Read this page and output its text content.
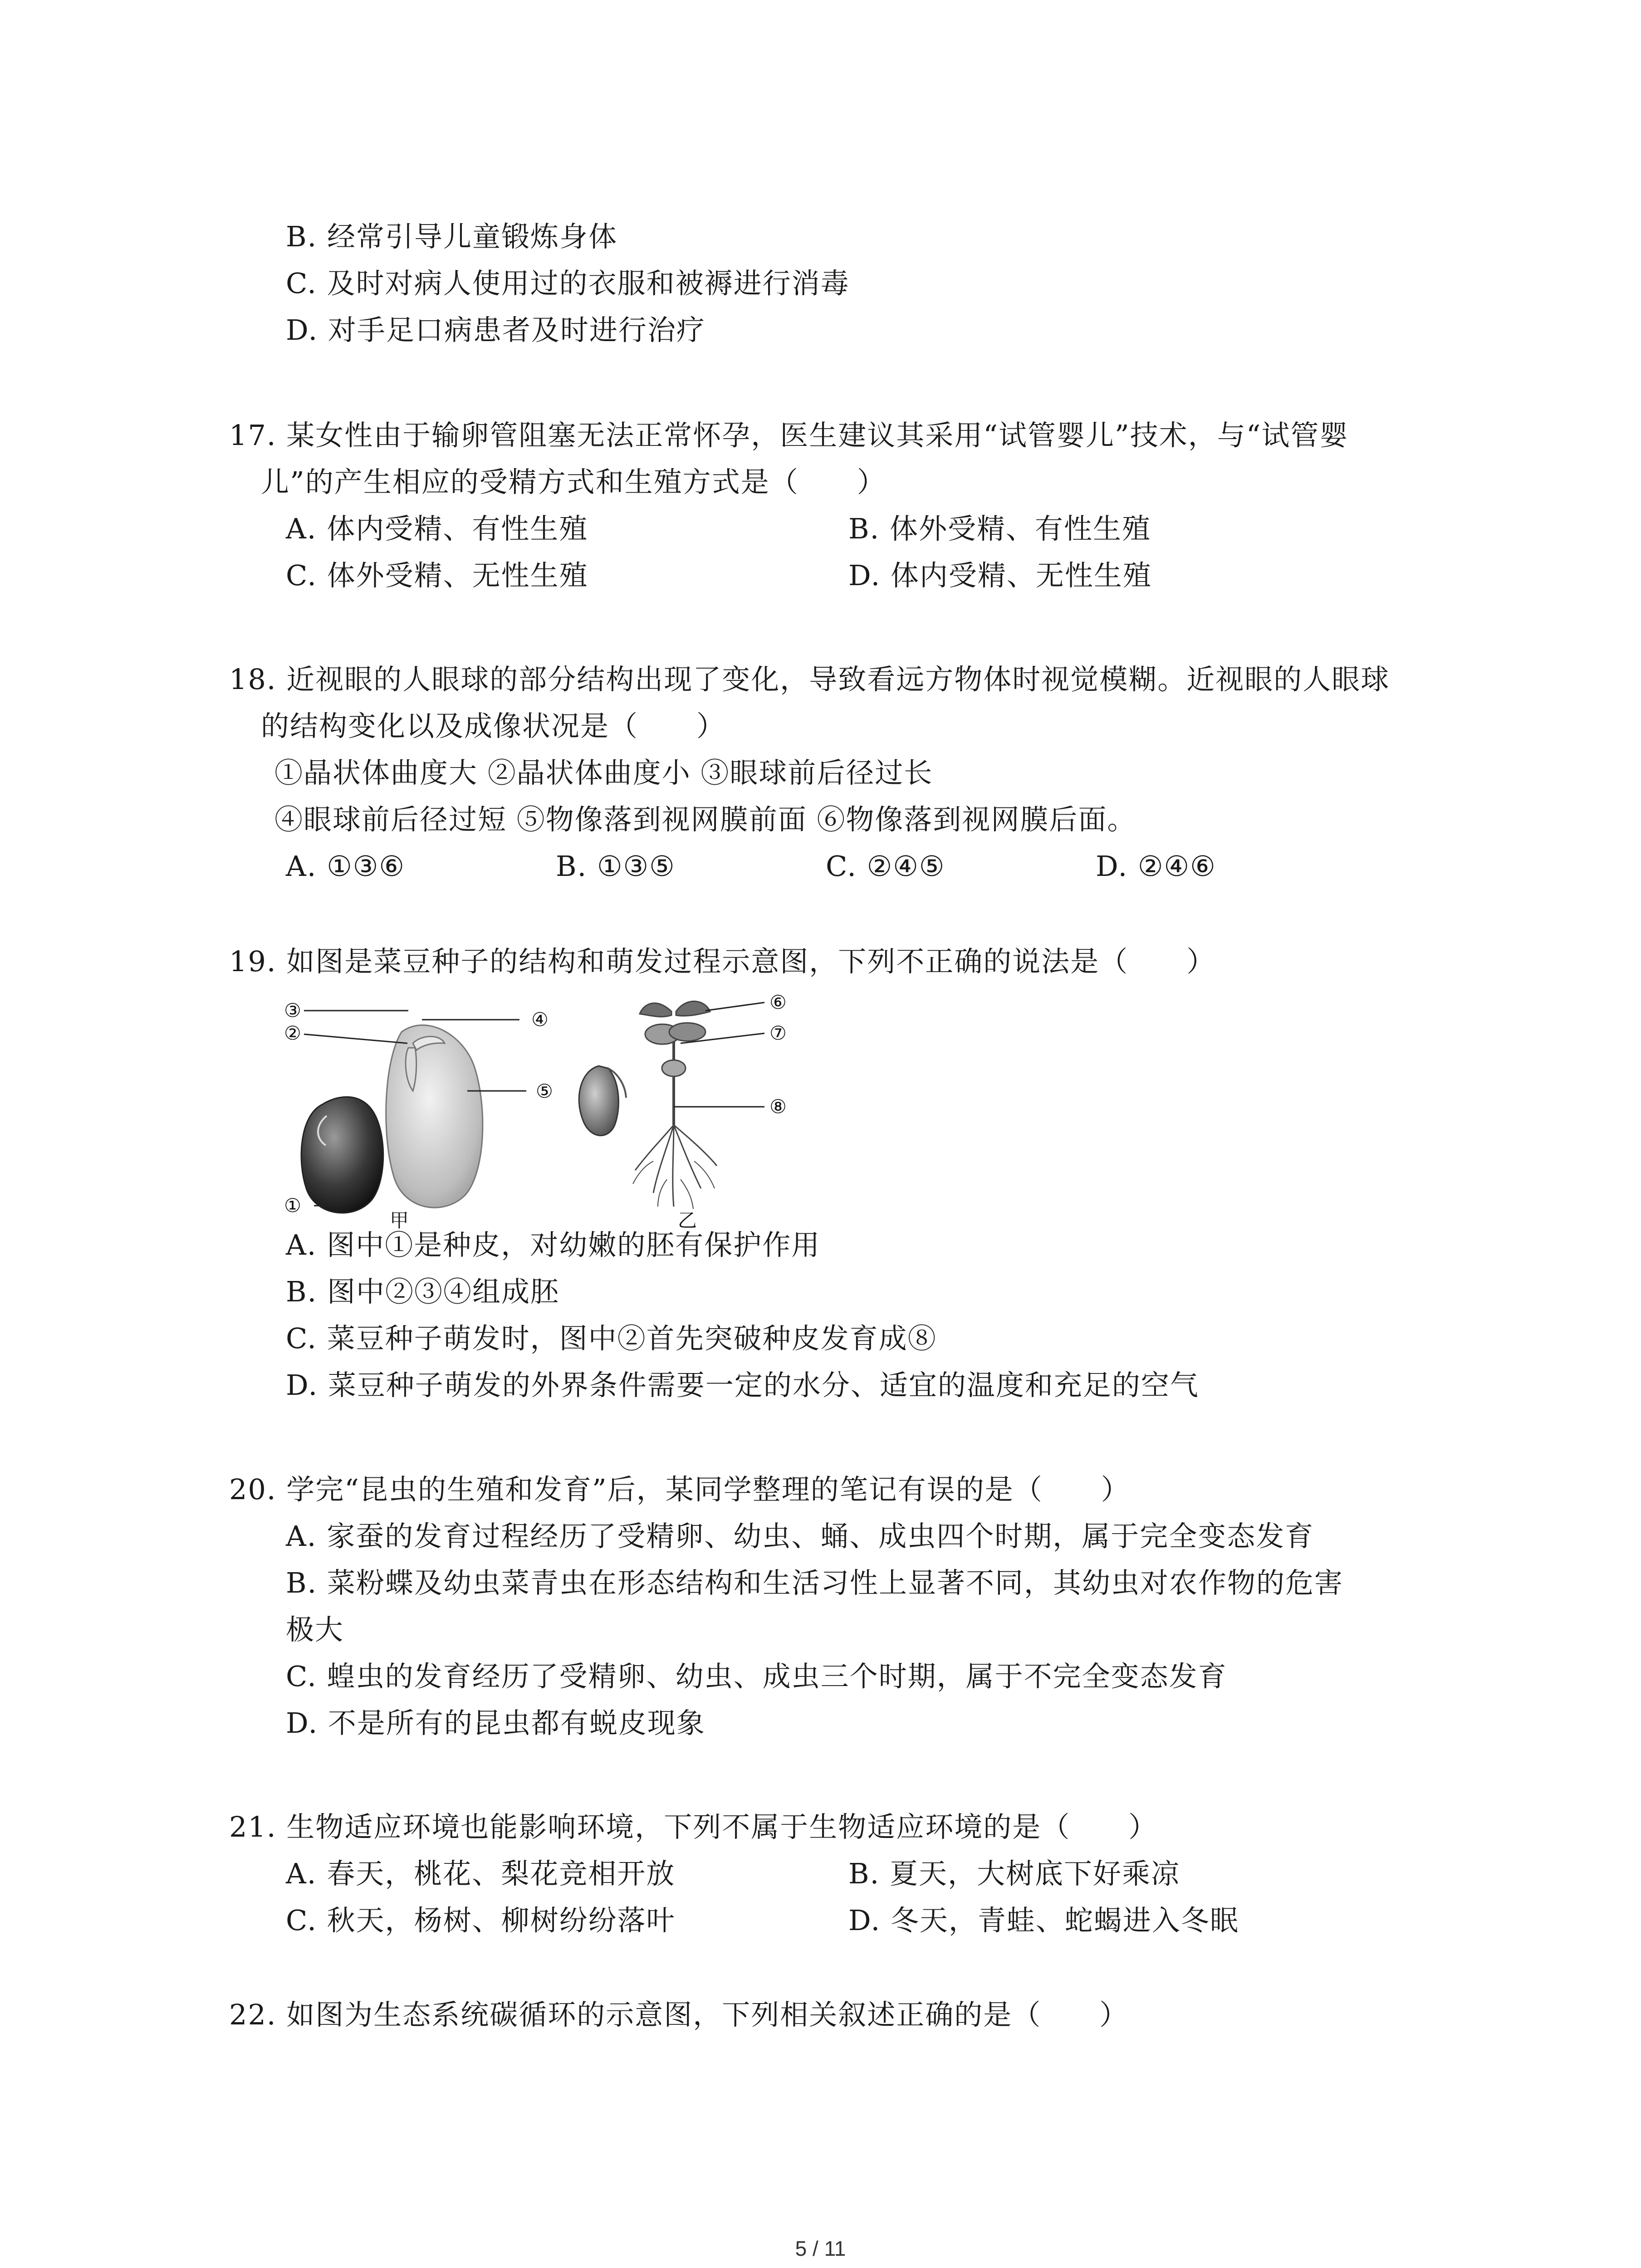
B. 经常引导儿童锻炼身体
C. 及时对病人使用过的衣服和被褥进行消毒
D. 对手足口病患者及时进行治疗
17. 某女性由于输卵管阻塞无法正常怀孕，医生建议其采用“试管婴儿”技术，与“试管婴
儿”的产生相应的受精方式和生殖方式是（　　）
A. 体内受精、有性生殖	B. 体外受精、有性生殖
C. 体外受精、无性生殖	D. 体内受精、无性生殖
18. 近视眼的人眼球的部分结构出现了变化，导致看远方物体时视觉模糊。近视眼的人眼球
的结构变化以及成像状况是（　　）
①晶状体曲度大 ②晶状体曲度小 ③眼球前后径过长
④眼球前后径过短 ⑤物像落到视网膜前面 ⑥物像落到视网膜后面。
A. ①③⑥	B. ①③⑤	C. ②④⑤	D. ②④⑥
19. 如图是菜豆种子的结构和萌发过程示意图，下列不正确的说法是（　　）
③
②
①
④
⑤
⑥
⑦
⑧
甲	乙
A. 图中①是种皮，对幼嫩的胚有保护作用
B. 图中②③④组成胚
C. 菜豆种子萌发时，图中②首先突破种皮发育成⑧
D. 菜豆种子萌发的外界条件需要一定的水分、适宜的温度和充足的空气
20. 学完“昆虫的生殖和发育”后，某同学整理的笔记有误的是（　　）
A. 家蚕的发育过程经历了受精卵、幼虫、蛹、成虫四个时期，属于完全变态发育
B. 菜粉蝶及幼虫菜青虫在形态结构和生活习性上显著不同，其幼虫对农作物的危害
极大
C. 蝗虫的发育经历了受精卵、幼虫、成虫三个时期，属于不完全变态发育
D. 不是所有的昆虫都有蜕皮现象
21. 生物适应环境也能影响环境，下列不属于生物适应环境的是（　　）
A. 春天，桃花、梨花竞相开放	B. 夏天，大树底下好乘凉
C. 秋天，杨树、柳树纷纷落叶	D. 冬天，青蛙、蛇蝎进入冬眠
22. 如图为生态系统碳循环的示意图，下列相关叙述正确的是（　　）
5 / 11
